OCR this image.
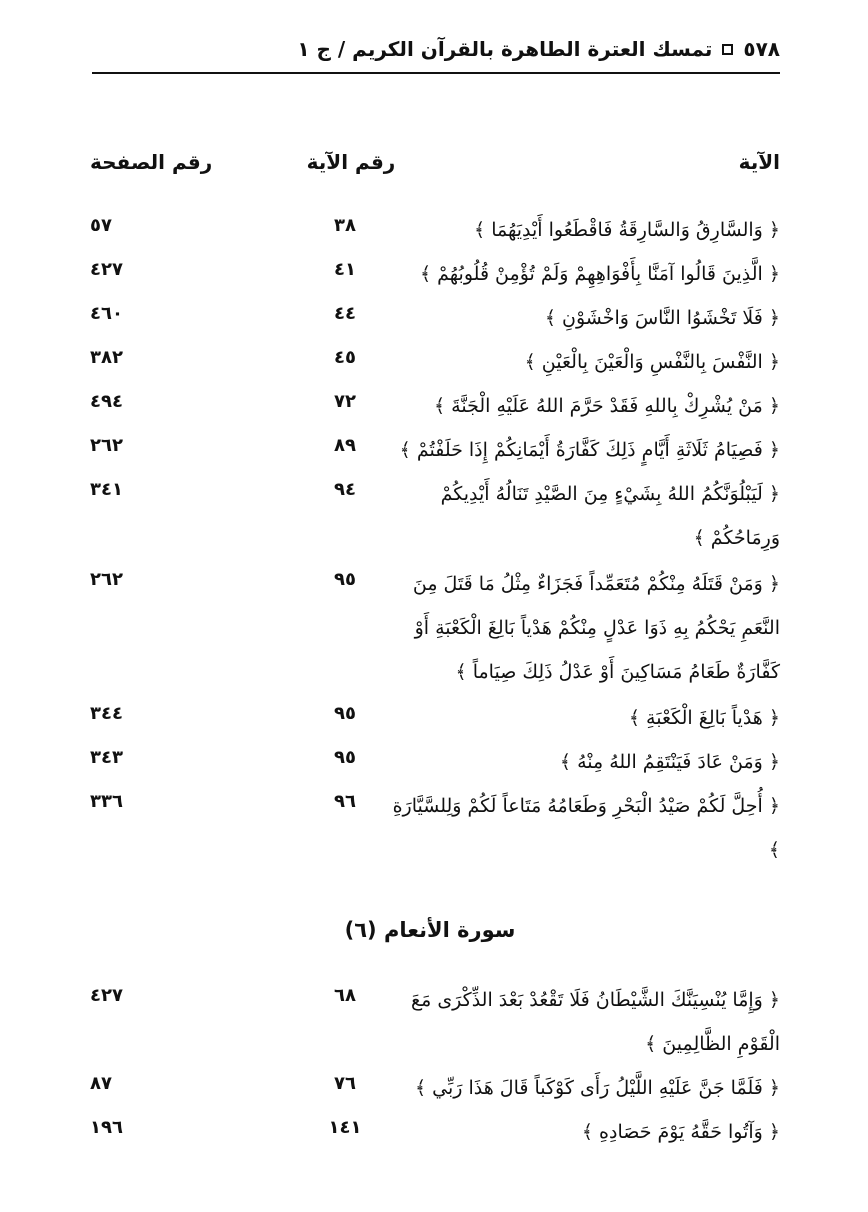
٥٧٨
تمسك العترة الطاهرة بالقرآن الكريم / ج ١
الآية
رقم الآية
رقم الصفحة
﴿ وَالسَّارِقُ وَالسَّارِقَةُ فَاقْطَعُوا أَيْدِيَهُمَا ﴾
٣٨
٥٧
﴿ الَّذِينَ قَالُوا آمَنَّا بِأَفْوَاهِهِمْ وَلَمْ تُؤْمِنْ قُلُوبُهُمْ ﴾
٤١
٤٢٧
﴿ فَلَا تَخْشَوُا النَّاسَ وَاخْشَوْنِ ﴾
٤٤
٤٦٠
﴿ النَّفْسَ بِالنَّفْسِ وَالْعَيْنَ بِالْعَيْنِ ﴾
٤٥
٣٨٢
﴿ مَنْ يُشْرِكْ بِاللهِ فَقَدْ حَرَّمَ اللهُ عَلَيْهِ الْجَنَّةَ ﴾
٧٢
٤٩٤
﴿ فَصِيَامُ ثَلَاثَةِ أَيَّامٍ ذَلِكَ كَفَّارَةُ أَيْمَانِكُمْ إِذَا حَلَفْتُمْ ﴾
٨٩
٢٦٢
﴿ لَيَبْلُوَنَّكُمُ اللهُ بِشَيْءٍ مِنَ الصَّيْدِ تَنَالُهُ أَيْدِيكُمْ وَرِمَاحُكُمْ ﴾
٩٤
٣٤١
﴿ وَمَنْ قَتَلَهُ مِنْكُمْ مُتَعَمِّداً فَجَزَاءٌ مِثْلُ مَا قَتَلَ مِنَ النَّعَمِ يَحْكُمُ بِهِ ذَوَا عَدْلٍ مِنْكُمْ هَدْياً بَالِغَ الْكَعْبَةِ أَوْ كَفَّارَةٌ طَعَامُ مَسَاكِينَ أَوْ عَدْلُ ذَلِكَ صِيَاماً ﴾
٩٥
٢٦٢
﴿ هَدْياً بَالِغَ الْكَعْبَةِ ﴾
٩٥
٣٤٤
﴿ وَمَنْ عَادَ فَيَنْتَقِمُ اللهُ مِنْهُ ﴾
٩٥
٣٤٣
﴿ أُحِلَّ لَكُمْ صَيْدُ الْبَحْرِ وَطَعَامُهُ مَتَاعاً لَكُمْ وَلِلسَّيَّارَةِ ﴾
٩٦
٣٣٦
سورة الأنعام (٦)
﴿ وَإِمَّا يُنْسِيَنَّكَ الشَّيْطَانُ فَلَا تَقْعُدْ بَعْدَ الذِّكْرَى مَعَ الْقَوْمِ الظَّالِمِينَ ﴾
٦٨
٤٢٧
﴿ فَلَمَّا جَنَّ عَلَيْهِ اللَّيْلُ رَأَى كَوْكَباً قَالَ هَذَا رَبِّي ﴾
٧٦
٨٧
﴿ وَآتُوا حَقَّهُ يَوْمَ حَصَادِهِ ﴾
١٤١
١٩٦
